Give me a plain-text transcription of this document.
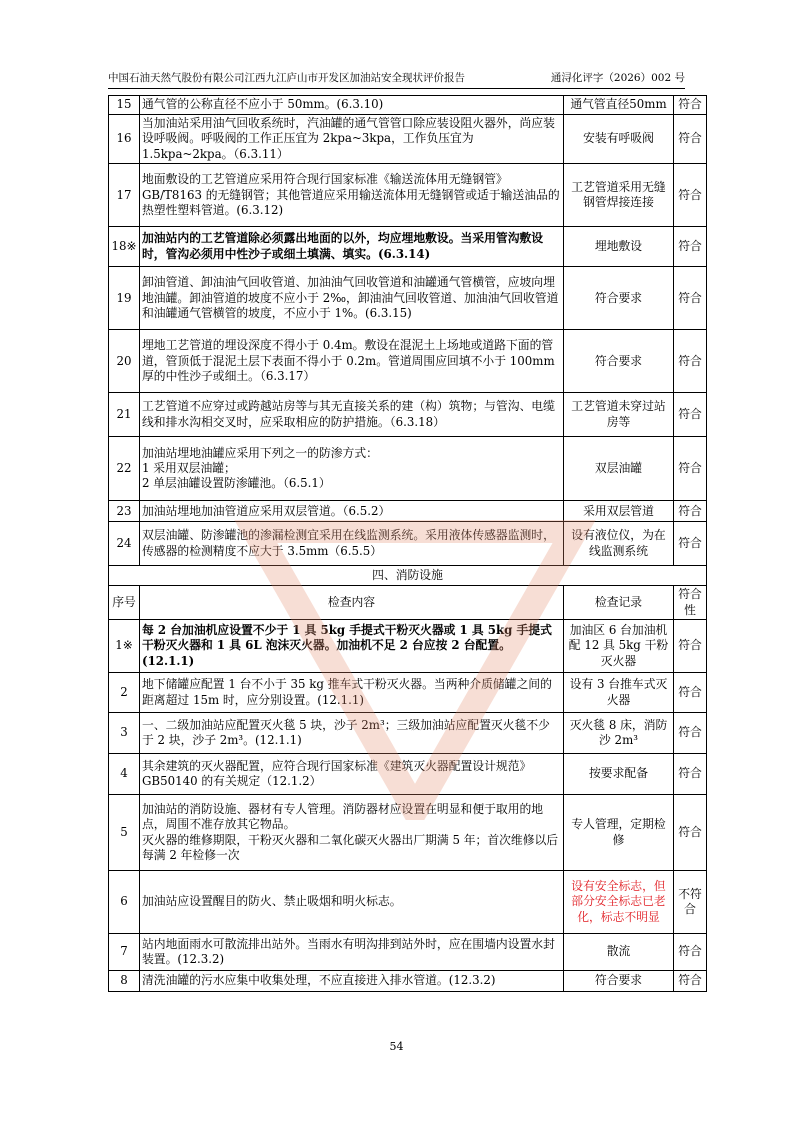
中国石油天然气股份有限公司江西九江庐山市开发区加油站安全现状评价报告	通浔化评字（2026）002 号
15	通气管的公称直径不应小于 50mm。(6.3.10)	通气管直径50mm	符合
16	当加油站采用油气回收系统时，汽油罐的通气管管口除应装设阻火器外，尚应装设呼吸阀。呼吸阀的工作正压宜为 2kpa~3kpa，工作负压宜为 1.5kpa~2kpa。（6.3.11）	安装有呼吸阀	符合
17	地面敷设的工艺管道应采用符合现行国家标准《输送流体用无缝钢管》GB/T8163 的无缝钢管；其他管道应采用输送流体用无缝钢管或适于输送油品的热塑性塑料管道。(6.3.12)	工艺管道采用无缝钢管焊接连接	符合
18※	加油站内的工艺管道除必须露出地面的以外，均应埋地敷设。当采用管沟敷设时，管沟必须用中性沙子或细土填满、填实。(6.3.14)	埋地敷设	符合
19	卸油管道、卸油油气回收管道、加油油气回收管道和油罐通气管横管，应坡向埋地油罐。卸油管道的坡度不应小于 2‰，卸油油气回收管道、加油油气回收管道和油罐通气管横管的坡度，不应小于 1%。(6.3.15)	符合要求	符合
20	埋地工艺管道的埋设深度不得小于 0.4m。敷设在混泥土上场地或道路下面的管道，管顶低于混泥土层下表面不得小于 0.2m。管道周围应回填不小于 100mm 厚的中性沙子或细土。（6.3.17）	符合要求	符合
21	工艺管道不应穿过或跨越站房等与其无直接关系的建（构）筑物；与管沟、电缆线和排水沟相交叉时，应采取相应的防护措施。（6.3.18）	工艺管道未穿过站房等	符合
22	加油站埋地油罐应采用下列之一的防渗方式：
1 采用双层油罐；
2 单层油罐设置防渗罐池。（6.5.1）	双层油罐	符合
23	加油站埋地加油管道应采用双层管道。（6.5.2）	采用双层管道	符合
24	双层油罐、防渗罐池的渗漏检测宜采用在线监测系统。采用液体传感器监测时，传感器的检测精度不应大于 3.5mm（6.5.5）	设有液位仪，为在线监测系统	符合
四、消防设施			
序号	检查内容	检查记录	符合性
1※	每 2 台加油机应设置不少于 1 具 5kg 手提式干粉灭火器或 1 具 5kg 手提式干粉灭火器和 1 具 6L 泡沫灭火器。加油机不足 2 台应按 2 台配置。(12.1.1)	加油区 6 台加油机配 12 具 5kg 干粉灭火器	符合
2	地下储罐应配置 1 台不小于 35 kg 推车式干粉灭火器。当两种介质储罐之间的距离超过 15m 时，应分别设置。(12.1.1)	设有 3 台推车式灭火器	符合
3	一、二级加油站应配置灭火毯 5 块，沙子 2m³；三级加油站应配置灭火毯不少于 2 块，沙子 2m³。(12.1.1)	灭火毯 8 床，消防沙 2m³	符合
4	其余建筑的灭火器配置，应符合现行国家标准《建筑灭火器配置设计规范》GB50140 的有关规定（12.1.2）	按要求配备	符合
5	加油站的消防设施、器材有专人管理。消防器材应设置在明显和便于取用的地点，周围不准存放其它物品。
灭火器的维修期限，干粉灭火器和二氧化碳灭火器出厂期满 5 年；首次维修以后每满 2 年检修一次	专人管理，定期检修	符合
6	加油站应设置醒目的防火、禁止吸烟和明火标志。	设有安全标志，但部分安全标志已老化，标志不明显	不符合
7	站内地面雨水可散流排出站外。当雨水有明沟排到站外时，应在围墙内设置水封装置。(12.3.2)	散流	符合
8	清洗油罐的污水应集中收集处理，不应直接进入排水管道。(12.3.2)	符合要求	符合
54
